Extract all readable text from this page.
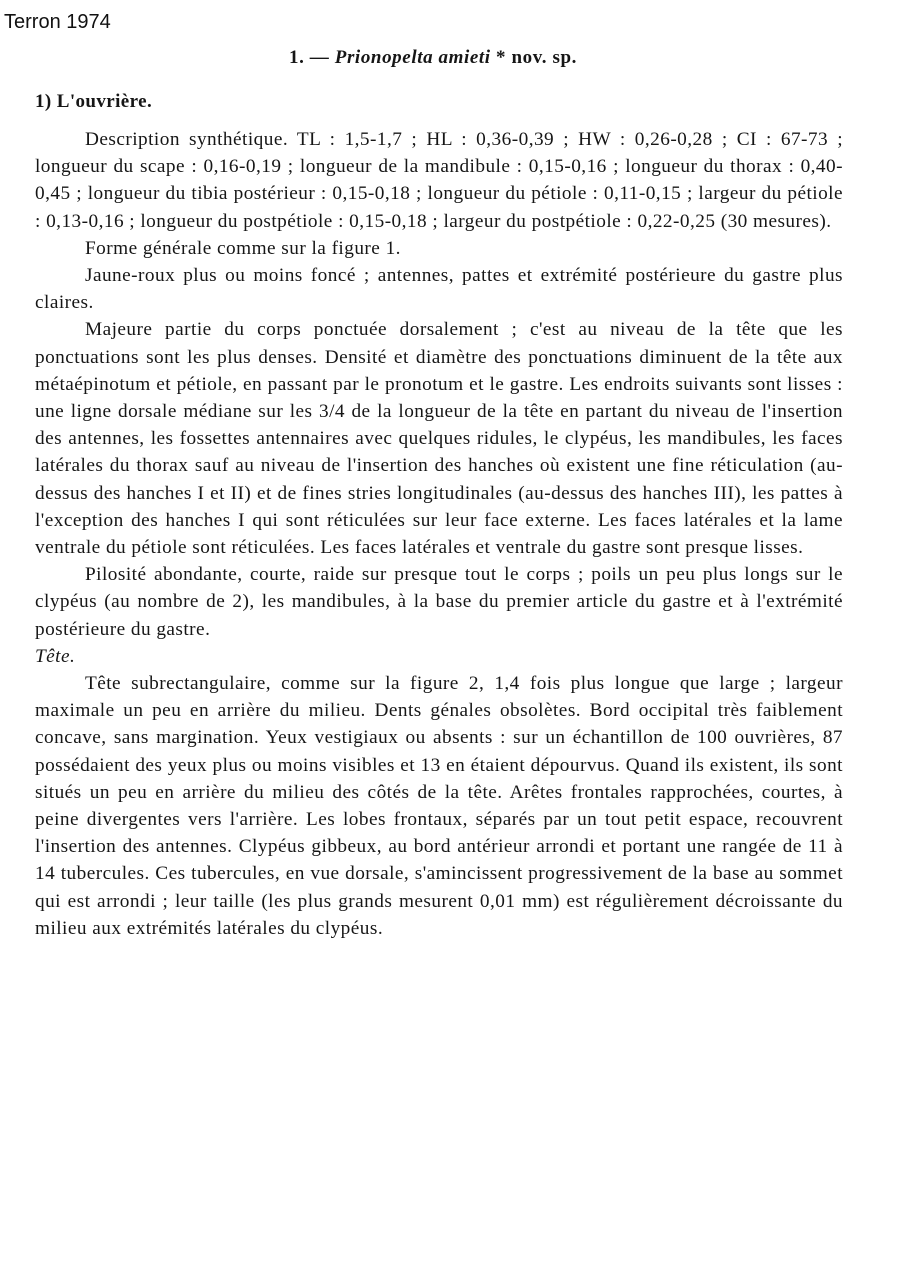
Terron 1974
1. — Prionopelta amieti * nov. sp.
1) L'ouvrière.

Description synthétique. TL : 1,5-1,7 ; HL : 0,36-0,39 ; HW : 0,26-0,28 ; CI : 67-73 ; longueur du scape : 0,16-0,19 ; longueur de la mandibule : 0,15-0,16 ; longueur du thorax : 0,40-0,45 ; longueur du tibia postérieur : 0,15-0,18 ; longueur du pétiole : 0,11-0,15 ; largeur du pétiole : 0,13-0,16 ; longueur du postpétiole : 0,15-0,18 ; largeur du postpétiole : 0,22-0,25 (30 mesures).

Forme générale comme sur la figure 1.

Jaune-roux plus ou moins foncé ; antennes, pattes et extrémité postérieure du gastre plus claires.

Majeure partie du corps ponctuée dorsalement ; c'est au niveau de la tête que les ponctuations sont les plus denses. Densité et diamètre des ponctuations diminuent de la tête aux métaépinotum et pétiole, en passant par le pronotum et le gastre. Les endroits suivants sont lisses : une ligne dorsale médiane sur les 3/4 de la longueur de la tête en partant du niveau de l'insertion des antennes, les fossettes antennaires avec quelques ridules, le clypéus, les mandibules, les faces latérales du thorax sauf au niveau de l'insertion des hanches où existent une fine réticulation (au-dessus des hanches I et II) et de fines stries longitudinales (au-dessus des hanches III), les pattes à l'exception des hanches I qui sont réticulées sur leur face externe. Les faces latérales et la lame ventrale du pétiole sont réticulées. Les faces latérales et ventrale du gastre sont presque lisses.

Pilosité abondante, courte, raide sur presque tout le corps ; poils un peu plus longs sur le clypéus (au nombre de 2), les mandibules, à la base du premier article du gastre et à l'extrémité postérieure du gastre.

Tête.

Tête subrectangulaire, comme sur la figure 2, 1,4 fois plus longue que large ; largeur maximale un peu en arrière du milieu. Dents génales obsolètes. Bord occipital très faiblement concave, sans margination. Yeux vestigiaux ou absents : sur un échantillon de 100 ouvrières, 87 possédaient des yeux plus ou moins visibles et 13 en étaient dépourvus. Quand ils existent, ils sont situés un peu en arrière du milieu des côtés de la tête. Arêtes frontales rapprochées, courtes, à peine divergentes vers l'arrière. Les lobes frontaux, séparés par un tout petit espace, recouvrent l'insertion des antennes. Clypéus gibbeux, au bord antérieur arrondi et portant une rangée de 11 à 14 tubercules. Ces tubercules, en vue dorsale, s'amincissent progressivement de la base au sommet qui est arrondi ; leur taille (les plus grands mesurent 0,01 mm) est régulièrement décroissante du milieu aux extrémités latérales du clypéus.
